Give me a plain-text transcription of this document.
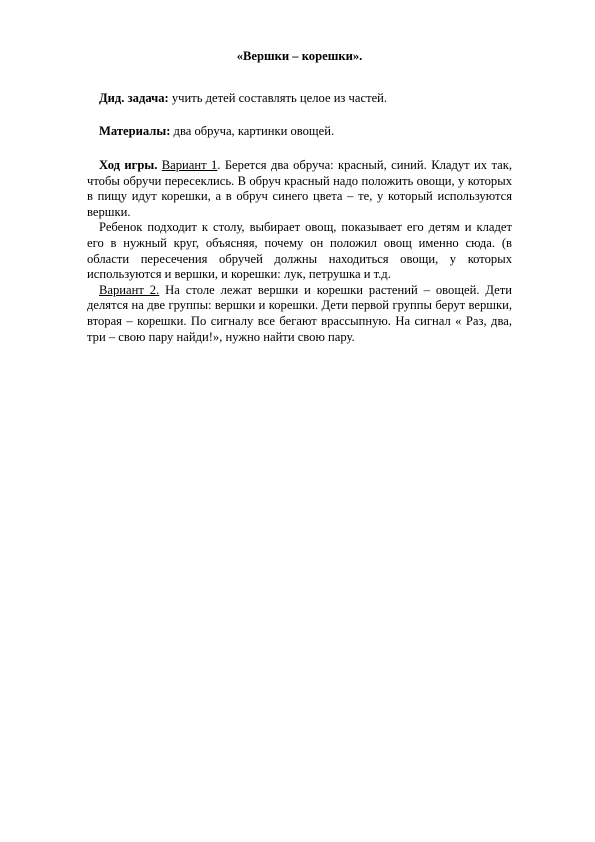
«Вершки – корешки».

Дид. задача: учить детей составлять целое из частей.

Материалы: два обруча, картинки овощей.

Ход игры. Вариант 1. Берется два обруча: красный, синий. Кладут их так, чтобы обручи пересеклись. В обруч красный надо положить овощи, у которых в пищу идут корешки, а в обруч синего цвета – те, у который используются вершки.

Ребенок подходит к столу, выбирает овощ, показывает его детям и кладет его в нужный круг, объясняя, почему он положил овощ именно сюда. (в области пересечения обручей должны находиться овощи, у которых используются и вершки, и корешки: лук, петрушка и т.д.

Вариант 2. На столе лежат вершки и корешки растений – овощей. Дети делятся на две группы: вершки и корешки. Дети первой группы берут вершки, вторая – корешки. По сигналу все бегают врассыпную. На сигнал « Раз, два, три – свою пару найди!», нужно найти свою пару.
